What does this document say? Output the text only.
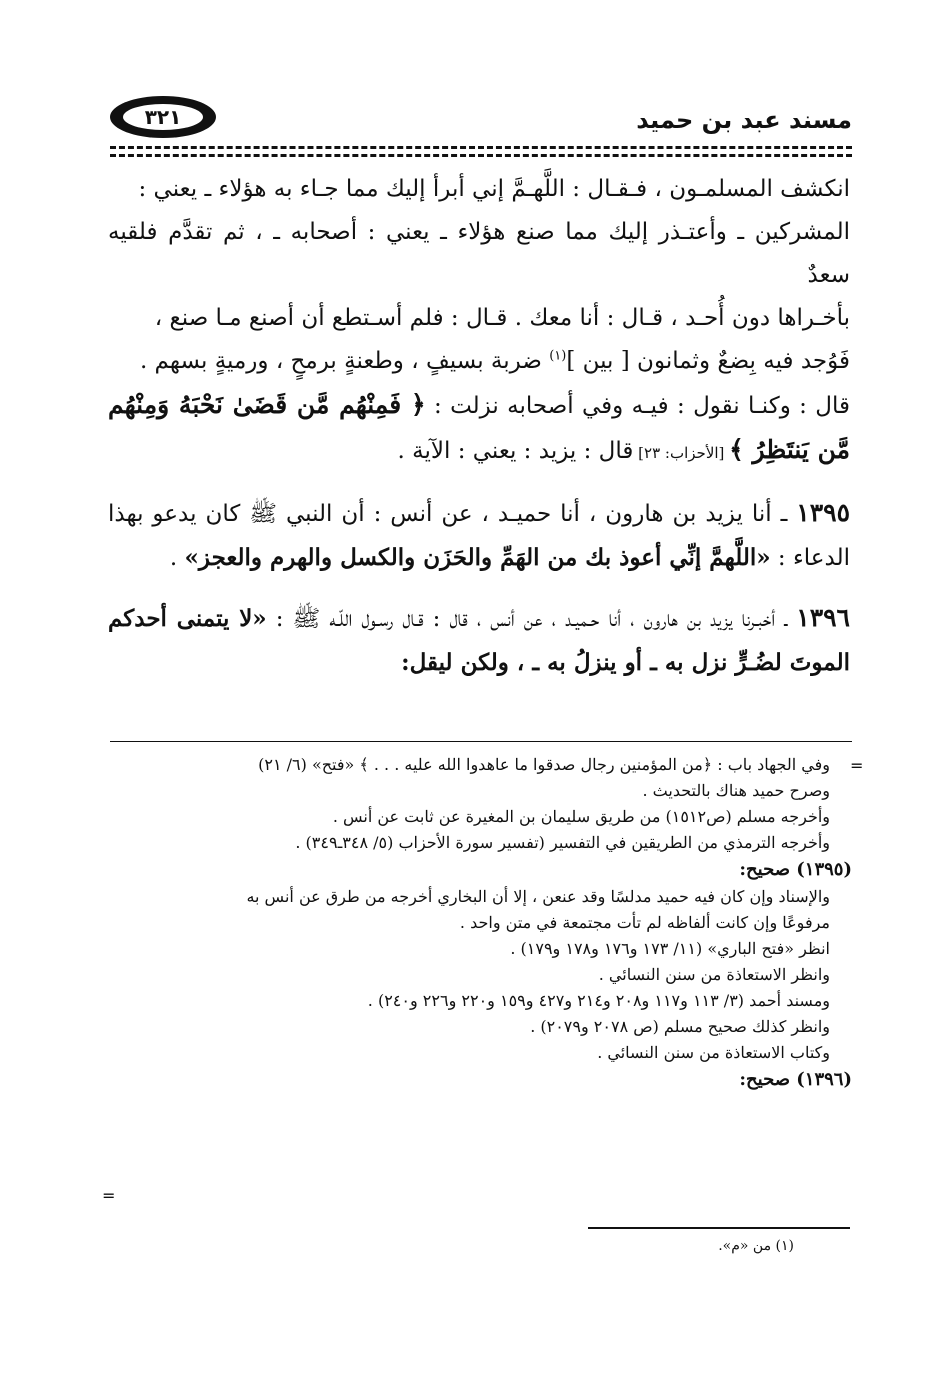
٣٢١	مسند عبد بن حميد

انكشف المسلمـون ، فـقـال : اللَّهـمَّ إني أبرأ إليك مما جـاء به هؤلاء ـ يعني :

المشركين ـ وأعتـذر إليك مما صنع هؤلاء ـ يعني : أصحابه ـ ، ثم تقدَّم فلقيه سعدٌ

بأخـراها دون أُحـد ، قـال : أنا معك . قـال : فلم أسـتطع أن أصنع مـا صنع ،

فَوُجد فيه بِضعٌ وثمانون [ بين ]$^{(١)}$ ضربة بسيفٍ ، وطعنةٍ برمحٍ ، ورميةٍ بسهم .

قال : وكنـا نقول : فيـه وفي أصحابه نزلت : ﴿ فَمِنْهُم مَّن قَضَىٰ نَحْبَهُ وَمِنْهُم مَّن يَنتَظِرُ ﴾ [الأحزاب: ٢٣] قال : يزيد : يعني : الآية .

١٣٩٥ ـ أنا يزيد بن هارون ، أنا حميـد ، عن أنس : أن النبي ﷺ كان يدعو بهذا الدعاء : «اللَّهمَّ إنِّي أعوذ بك من الهَمِّ والحَزَن والكسل والهرم والعجز» .

١٣٩٦ ـ أخبـرنا يزيد بن هارون ، أنا حـميـد ، عن أنس ، قال : قـال رسـول اللّـه ﷺ : «لا يتمنى أحدكم الموتَ لضُـرٍّ نزل به ـ أو ينزلُ به ـ ، ولكن ليقل:

=
=

وفي الجهاد باب : ﴿من المؤمنين رجال صدقوا ما عاهدوا الله عليه . . . ﴾ «فتح» (٦/ ٢١)

وصرح حميد هناك بالتحديث .

وأخرجه مسلم (ص١٥١٢) من طريق سليمان بن المغيرة عن ثابت عن أنس .

وأخرجه الترمذي من الطريقين في التفسير (تفسير سورة الأحزاب (٥/ ٣٤٨ـ٣٤٩) .

(١٣٩٥) صحيح:

والإسناد وإن كان فيه حميد مدلسًا وقد عنعن ، إلا أن البخاري أخرجه من طرق عن أنس به

مرفوعًا وإن كانت ألفاظه لم تأت مجتمعة في متن واحد .

انظر «فتح الباري» (١١/ ١٧٣ و١٧٦ و١٧٨ و١٧٩) .

وانظر الاستعاذة من سنن النسائي .

ومسند أحمد (٣/ ١١٣ و١١٧ و٢٠٨ و٢١٤ و٤٢٧ و١٥٩ و٢٢٠ و٢٢٦ و٢٤٠) .

وانظر كذلك صحيح مسلم (ص ٢٠٧٨ و٢٠٧٩) .

وكتاب الاستعاذة من سنن النسائي .

(١٣٩٦) صحيح:

(١) من «م».
